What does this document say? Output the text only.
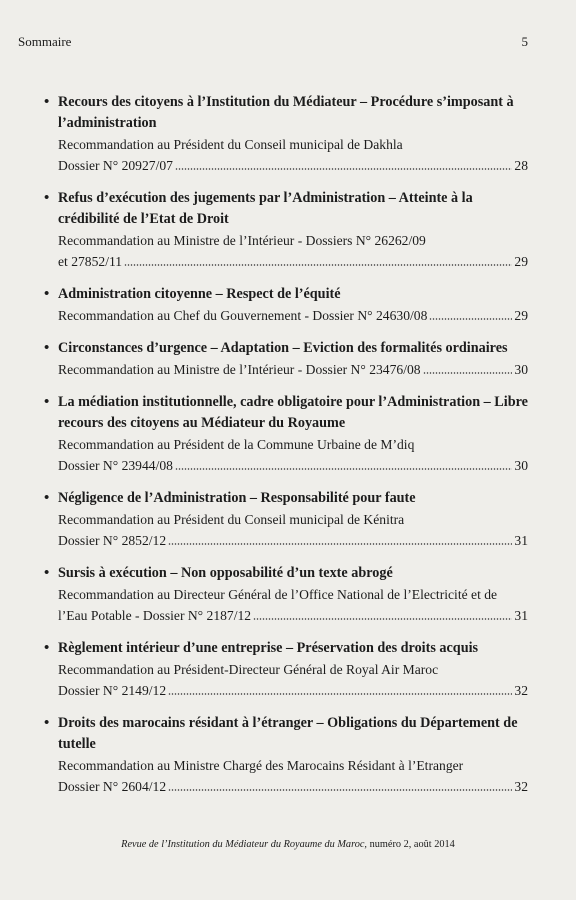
Sommaire	5
• Recours des citoyens à l’Institution du Médiateur – Procédure s’imposant à l’administration
Recommandation au Président du Conseil municipal de Dakhla
Dossier N° 20927/07	28
• Refus d’exécution des jugements par l’Administration – Atteinte à la crédibilité de l’Etat de Droit
Recommandation au Ministre de l’Intérieur - Dossiers N° 26262/09
et 27852/11	29
• Administration citoyenne – Respect de l’équité
Recommandation au Chef du Gouvernement - Dossier N° 24630/08	29
• Circonstances d’urgence – Adaptation – Eviction des formalités ordinaires
Recommandation au Ministre de l’Intérieur - Dossier N° 23476/08	30
• La médiation institutionnelle, cadre obligatoire pour l’Administration – Libre recours des citoyens au Médiateur du Royaume
Recommandation au Président de la Commune Urbaine de M’diq
Dossier N° 23944/08	30
• Négligence de l’Administration – Responsabilité pour faute
Recommandation au Président du Conseil municipal de Kénitra
Dossier N° 2852/12	31
• Sursis à exécution – Non opposabilité d’un texte abrogé
Recommandation au Directeur Général de l’Office National de l’Electricité et de
l’Eau Potable - Dossier N° 2187/12	31
• Règlement intérieur d’une entreprise – Préservation des droits acquis
Recommandation au Président-Directeur Général de Royal Air Maroc
Dossier N° 2149/12	32
• Droits des marocains résidant à l’étranger – Obligations du Département de tutelle
Recommandation au Ministre Chargé des Marocains Résidant à l’Etranger
Dossier N° 2604/12	32
Revue de l’Institution du Médiateur du Royaume du Maroc, numéro 2, août 2014
